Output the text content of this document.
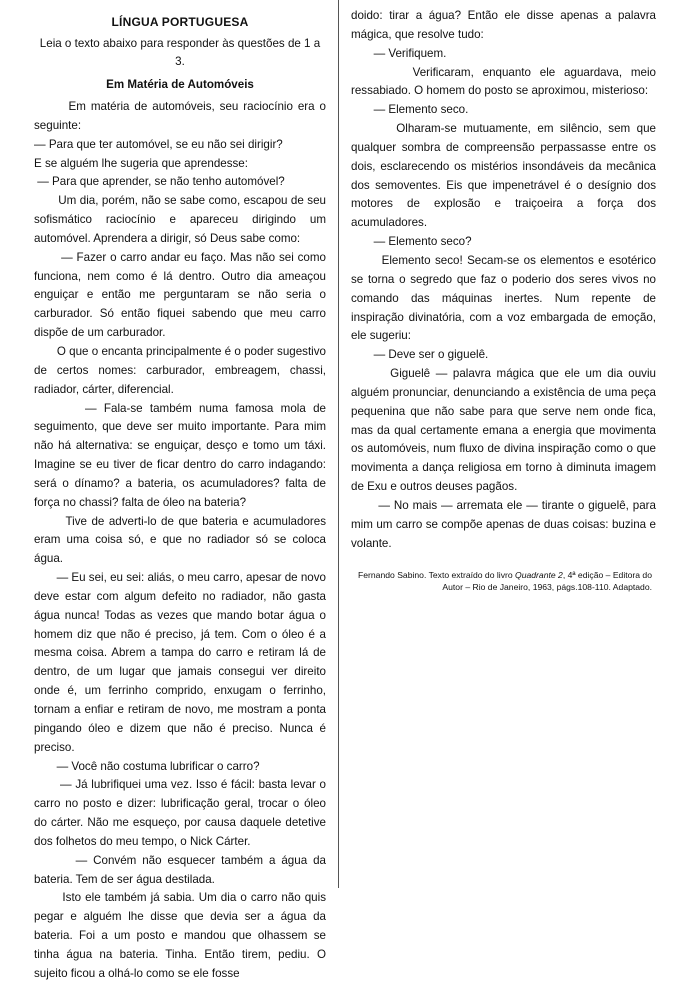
LÍNGUA PORTUGUESA
Leia o texto abaixo para responder às questões de 1 a 3.
Em Matéria de Automóveis

Em matéria de automóveis, seu raciocínio era o seguinte:

— Para que ter automóvel, se eu não sei dirigir?

E se alguém lhe sugeria que aprendesse:

— Para que aprender, se não tenho automóvel?

Um dia, porém, não se sabe como, escapou de seu sofismático raciocínio e apareceu dirigindo um automóvel. Aprendera a dirigir, só Deus sabe como:

— Fazer o carro andar eu faço. Mas não sei como funciona, nem como é lá dentro. Outro dia ameaçou enguiçar e então me perguntaram se não seria o carburador. Só então fiquei sabendo que meu carro dispõe de um carburador.

O que o encanta principalmente é o poder sugestivo de certos nomes: carburador, embreagem, chassi, radiador, cárter, diferencial.

— Fala-se também numa famosa mola de seguimento, que deve ser muito importante. Para mim não há alternativa: se enguiçar, desço e tomo um táxi. Imagine se eu tiver de ficar dentro do carro indagando: será o dínamo? a bateria, os acumuladores? falta de força no chassi? falta de óleo na bateria?

Tive de adverti-lo de que bateria e acumuladores eram uma coisa só, e que no radiador só se coloca água.

— Eu sei, eu sei: aliás, o meu carro, apesar de novo deve estar com algum defeito no radiador, não gasta água nunca! Todas as vezes que mando botar água o homem diz que não é preciso, já tem. Com o óleo é a mesma coisa. Abrem a tampa do carro e retiram lá de dentro, de um lugar que jamais consegui ver direito onde é, um ferrinho comprido, enxugam o ferrinho, tornam a enfiar e retiram de novo, me mostram a ponta pingando óleo e dizem que não é preciso. Nunca é preciso.

— Você não costuma lubrificar o carro?

— Já lubrifiquei uma vez. Isso é fácil: basta levar o carro no posto e dizer: lubrificação geral, trocar o óleo do cárter. Não me esqueço, por causa daquele detetive dos folhetos do meu tempo, o Nick Cárter.

— Convém não esquecer também a água da bateria. Tem de ser água destilada.

Isto ele também já sabia. Um dia o carro não quis pegar e alguém lhe disse que devia ser a água da bateria. Foi a um posto e mandou que olhassem se tinha água na bateria. Tinha. Então tirem, pediu. O sujeito ficou a olhá-lo como se ele fosse

doido: tirar a água? Então ele disse apenas a palavra mágica, que resolve tudo:

— Verifiquem.

Verificaram, enquanto ele aguardava, meio ressabiado. O homem do posto se aproximou, misterioso:

— Elemento seco.

Olharam-se mutuamente, em silêncio, sem que qualquer sombra de compreensão perpassasse entre os dois, esclarecendo os mistérios insondáveis da mecânica dos semoventes. Eis que impenetrável é o desígnio dos motores de explosão e traiçoeira a força dos acumuladores.

— Elemento seco?

Elemento seco! Secam-se os elementos e esotérico se torna o segredo que faz o poderio dos seres vivos no comando das máquinas inertes. Num repente de inspiração divinatória, com a voz embargada de emoção, ele sugeriu:

— Deve ser o giguelê.

Giguelê — palavra mágica que ele um dia ouviu alguém pronunciar, denunciando a existência de uma peça pequenina que não sabe para que serve nem onde fica, mas da qual certamente emana a energia que movimenta os automóveis, num fluxo de divina inspiração como o que movimenta a dança religiosa em torno à diminuta imagem de Exu e outros deuses pagãos.

— No mais — arremata ele — tirante o giguelê, para mim um carro se compõe apenas de duas coisas: buzina e volante.

Fernando Sabino. Texto extraído do livro Quadrante 2, 4ª edição – Editora do Autor – Rio de Janeiro, 1963, págs.108-110. Adaptado.
